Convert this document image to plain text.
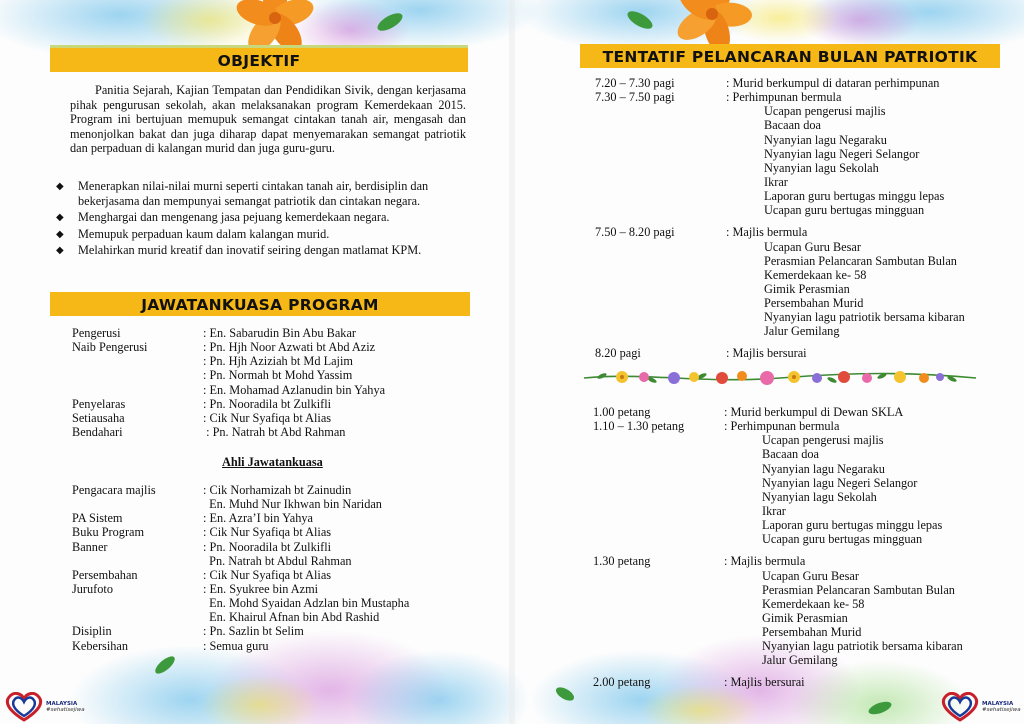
OBJEKTIF

Panitia Sejarah, Kajian Tempatan dan Pendidikan Sivik, dengan kerjasama pihak pengurusan sekolah, akan melaksanakan program Kemerdekaan 2015. Program ini bertujuan memupuk semangat cintakan tanah air, mengasah dan menonjolkan bakat dan juga diharap dapat menyemarakan semangat patriotik dan perpaduan di kalangan murid dan juga guru-guru.

◆ Menerapkan nilai-nilai murni seperti cintakan tanah air, berdisiplin dan bekerjasama dan mempunyai semangat patriotik dan cintakan negara.
◆ Menghargai dan mengenang jasa pejuang kemerdekaan negara.
◆ Memupuk perpaduan kaum dalam kalangan murid.
◆ Melahirkan murid kreatif dan inovatif seiring dengan matlamat KPM.
JAWATANKUASA PROGRAM
Pengerusi	: En. Sabarudin Bin Abu Bakar
Naib Pengerusi	: Pn. Hjh Noor Azwati bt Abd Aziz
: Pn. Hjh Aziziah bt Md Lajim
: Pn. Normah bt Mohd Yassim
: En. Mohamad Azlanudin bin Yahya
Penyelaras	: Pn. Nooradila bt Zulkifli
Setiausaha	: Cik Nur Syafiqa bt Alias
Bendahari	: Pn. Natrah bt Abd Rahman
Ahli Jawatankuasa
Pengacara majlis	: Cik Norhamizah bt Zainudin
En. Muhd Nur Ikhwan bin Naridan
PA Sistem	: En. Azra’I bin Yahya
Buku Program	: Cik Nur Syafiqa bt Alias
Banner	: Pn. Nooradila bt Zulkifli
Pn. Natrah bt Abdul Rahman
Persembahan	: Cik Nur Syafiqa bt Alias
Jurufoto	: En. Syukree bin Azmi
En. Mohd Syaidan Adzlan bin Mustapha
En. Khairul Afnan bin Abd Rashid
Disiplin	: Pn. Sazlin bt Selim
Kebersihan	: Semua guru
TENTATIF PELANCARAN BULAN PATRIOTIK
7.20 – 7.30 pagi	: Murid berkumpul di dataran perhimpunan
7.30 – 7.50 pagi	: Perhimpunan bermula
Ucapan pengerusi majlis
Bacaan doa
Nyanyian lagu Negaraku
Nyanyian lagu Negeri Selangor
Nyanyian lagu Sekolah
Ikrar
Laporan guru bertugas minggu lepas
Ucapan guru bertugas mingguan
7.50 – 8.20 pagi	: Majlis bermula
Ucapan Guru Besar
Perasmian Pelancaran Sambutan Bulan
Kemerdekaan ke- 58
Gimik Perasmian
Persembahan Murid
Nyanyian lagu patriotik bersama kibaran
Jalur Gemilang
8.20 pagi	: Majlis bersurai
1.00 petang	: Murid berkumpul di Dewan SKLA
1.10 – 1.30 petang	: Perhimpunan bermula
Ucapan pengerusi majlis
Bacaan doa
Nyanyian lagu Negaraku
Nyanyian lagu Negeri Selangor
Nyanyian lagu Sekolah
Ikrar
Laporan guru bertugas minggu lepas
Ucapan guru bertugas mingguan
1.30 petang	: Majlis bermula
Ucapan Guru Besar
Perasmian Pelancaran Sambutan Bulan
Kemerdekaan ke- 58
Gimik Perasmian
Persembahan Murid
Nyanyian lagu patriotik bersama kibaran
Jalur Gemilang
2.00 petang	: Majlis bersurai
MALAYSIA
#sehatisejiwa
MALAYSIA
#sehatisejiwa
